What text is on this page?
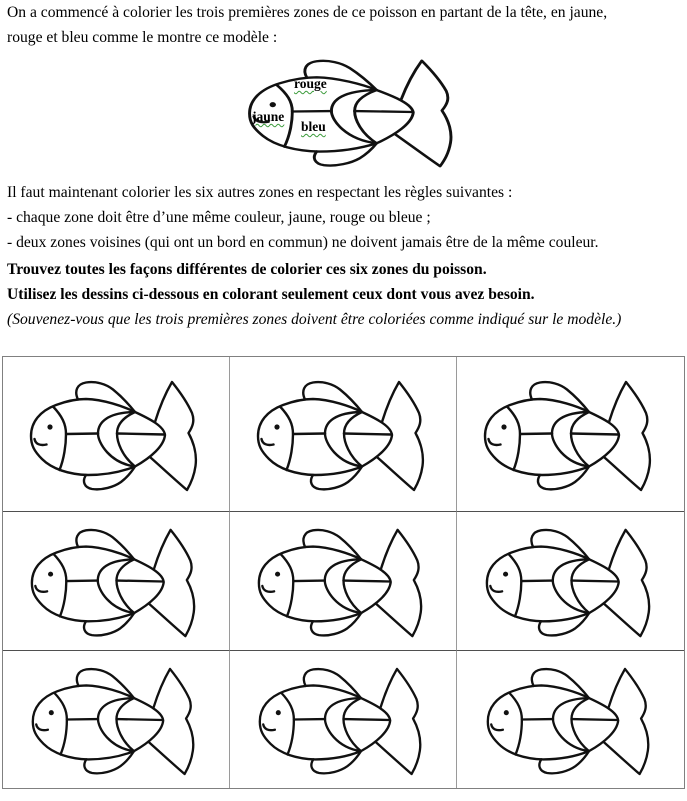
On a commencé à colorier les trois premières zones de ce poisson en partant de la tête, en jaune,
rouge et bleu comme le montre ce modèle :

rouge
jaune
bleu

Il faut maintenant colorier les six autres zones en respectant les règles suivantes :

- chaque zone doit être d’une même couleur, jaune, rouge ou bleue ;

- deux zones voisines (qui ont un bord en commun) ne doivent jamais être de la même couleur.

Trouvez toutes les façons différentes de colorier ces six zones du poisson.

Utilisez les dessins ci-dessous en colorant seulement ceux dont vous avez besoin.

(Souvenez-vous que les trois premières zones doivent être coloriées comme indiqué sur le modèle.)
